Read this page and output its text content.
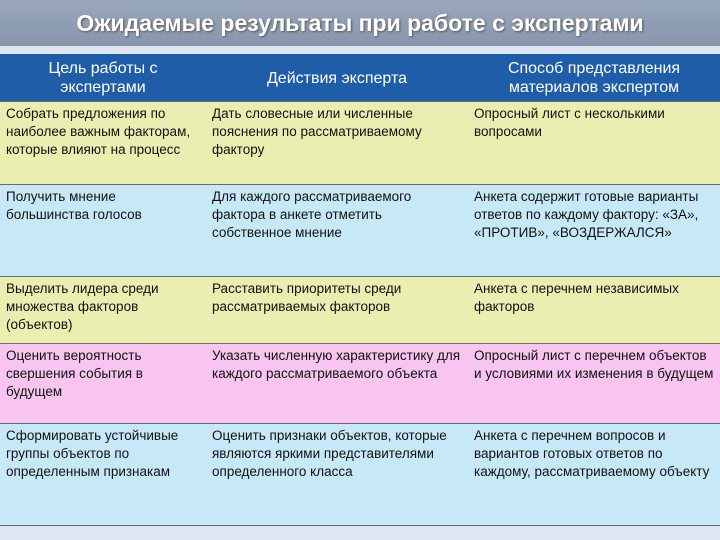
Ожидаемые результаты при работе с экспертами
Цель работы с экспертами	Действия эксперта	Способ представления материалов экспертом
Собрать предложения по наиболее важным факторам, которые влияют на процесс	Дать словесные или численные пояснения по рассматриваемому фактору	Опросный лист с несколькими вопросами
Получить мнение большинства голосов	Для каждого рассматриваемого фактора в анкете отметить собственное мнение	Анкета содержит готовые варианты ответов по каждому фактору: «ЗА», «ПРОТИВ», «ВОЗДЕРЖАЛСЯ»
Выделить лидера среди множества факторов (объектов)	Расставить приоритеты среди рассматриваемых факторов	Анкета с перечнем независимых факторов
Оценить вероятность свершения события в будущем	Указать численную характеристику для каждого рассматриваемого объекта	Опросный лист с перечнем объектов и условиями их изменения в будущем
Сформировать устойчивые группы объектов по определенным признакам	Оценить признаки объектов, которые являются яркими представителями определенного класса	Анкета с перечнем вопросов и вариантов готовых ответов по каждому, рассматриваемому объекту
